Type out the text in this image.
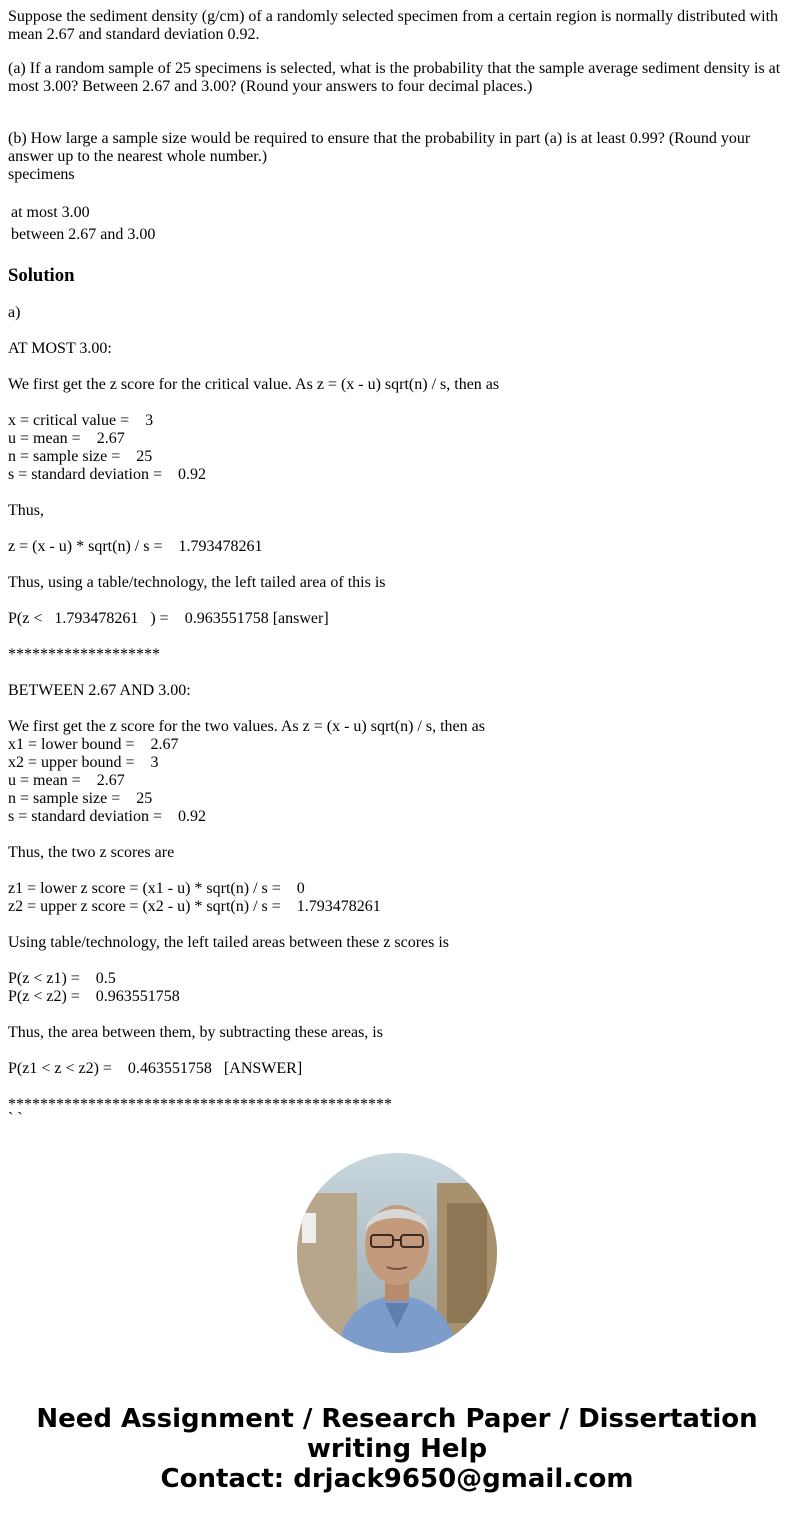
Suppose the sediment density (g/cm) of a randomly selected specimen from a certain region is normally distributed with mean 2.67 and standard deviation 0.92.

(a) If a random sample of 25 specimens is selected, what is the probability that the sample average sediment density is at most 3.00? Between 2.67 and 3.00? (Round your answers to four decimal places.)

(b) How large a sample size would be required to ensure that the probability in part (a) is at least 0.99? (Round your answer up to the nearest whole number.)

specimens
at most 3.00
between 2.67 and 3.00
Solution
a)

AT MOST 3.00:

We first get the z score for the critical value. As z = (x - u) sqrt(n) / s, then as

x = critical value =    3
u = mean =    2.67
n = sample size =    25
s = standard deviation =    0.92

Thus,

z = (x - u) * sqrt(n) / s =    1.793478261

Thus, using a table/technology, the left tailed area of this is

P(z <   1.793478261   ) =    0.963551758 [answer]

*******************

BETWEEN 2.67 AND 3.00:

We first get the z score for the two values. As z = (x - u) sqrt(n) / s, then as
x1 = lower bound =    2.67
x2 = upper bound =    3
u = mean =    2.67
n = sample size =    25
s = standard deviation =    0.92

Thus, the two z scores are

z1 = lower z score = (x1 - u) * sqrt(n) / s =    0
z2 = upper z score = (x2 - u) * sqrt(n) / s =    1.793478261

Using table/technology, the left tailed areas between these z scores is

P(z < z1) =    0.5
P(z < z2) =    0.963551758

Thus, the area between them, by subtracting these areas, is

P(z1 < z < z2) =    0.463551758   [ANSWER]

************************************************
` `
Need Assignment / Research Paper / Dissertation
writing Help
Contact: drjack9650@gmail.com
